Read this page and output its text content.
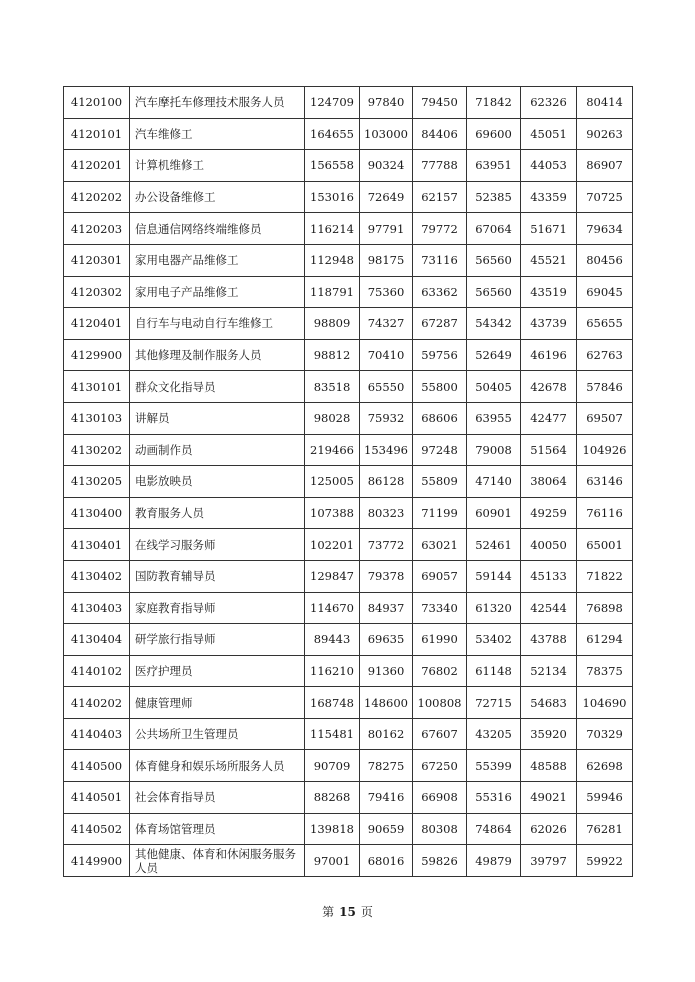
4120100	汽车摩托车修理技术服务人员	124709	97840	79450	71842	62326	80414
4120101	汽车维修工	164655	103000	84406	69600	45051	90263
4120201	计算机维修工	156558	90324	77788	63951	44053	86907
4120202	办公设备维修工	153016	72649	62157	52385	43359	70725
4120203	信息通信网络终端维修员	116214	97791	79772	67064	51671	79634
4120301	家用电器产品维修工	112948	98175	73116	56560	45521	80456
4120302	家用电子产品维修工	118791	75360	63362	56560	43519	69045
4120401	自行车与电动自行车维修工	98809	74327	67287	54342	43739	65655
4129900	其他修理及制作服务人员	98812	70410	59756	52649	46196	62763
4130101	群众文化指导员	83518	65550	55800	50405	42678	57846
4130103	讲解员	98028	75932	68606	63955	42477	69507
4130202	动画制作员	219466	153496	97248	79008	51564	104926
4130205	电影放映员	125005	86128	55809	47140	38064	63146
4130400	教育服务人员	107388	80323	71199	60901	49259	76116
4130401	在线学习服务师	102201	73772	63021	52461	40050	65001
4130402	国防教育辅导员	129847	79378	69057	59144	45133	71822
4130403	家庭教育指导师	114670	84937	73340	61320	42544	76898
4130404	研学旅行指导师	89443	69635	61990	53402	43788	61294
4140102	医疗护理员	116210	91360	76802	61148	52134	78375
4140202	健康管理师	168748	148600	100808	72715	54683	104690
4140403	公共场所卫生管理员	115481	80162	67607	43205	35920	70329
4140500	体育健身和娱乐场所服务人员	90709	78275	67250	55399	48588	62698
4140501	社会体育指导员	88268	79416	66908	55316	49021	59946
4140502	体育场馆管理员	139818	90659	80308	74864	62026	76281
4149900	其他健康、体育和休闲服务服务人员	97001	68016	59826	49879	39797	59922
第 15 页
